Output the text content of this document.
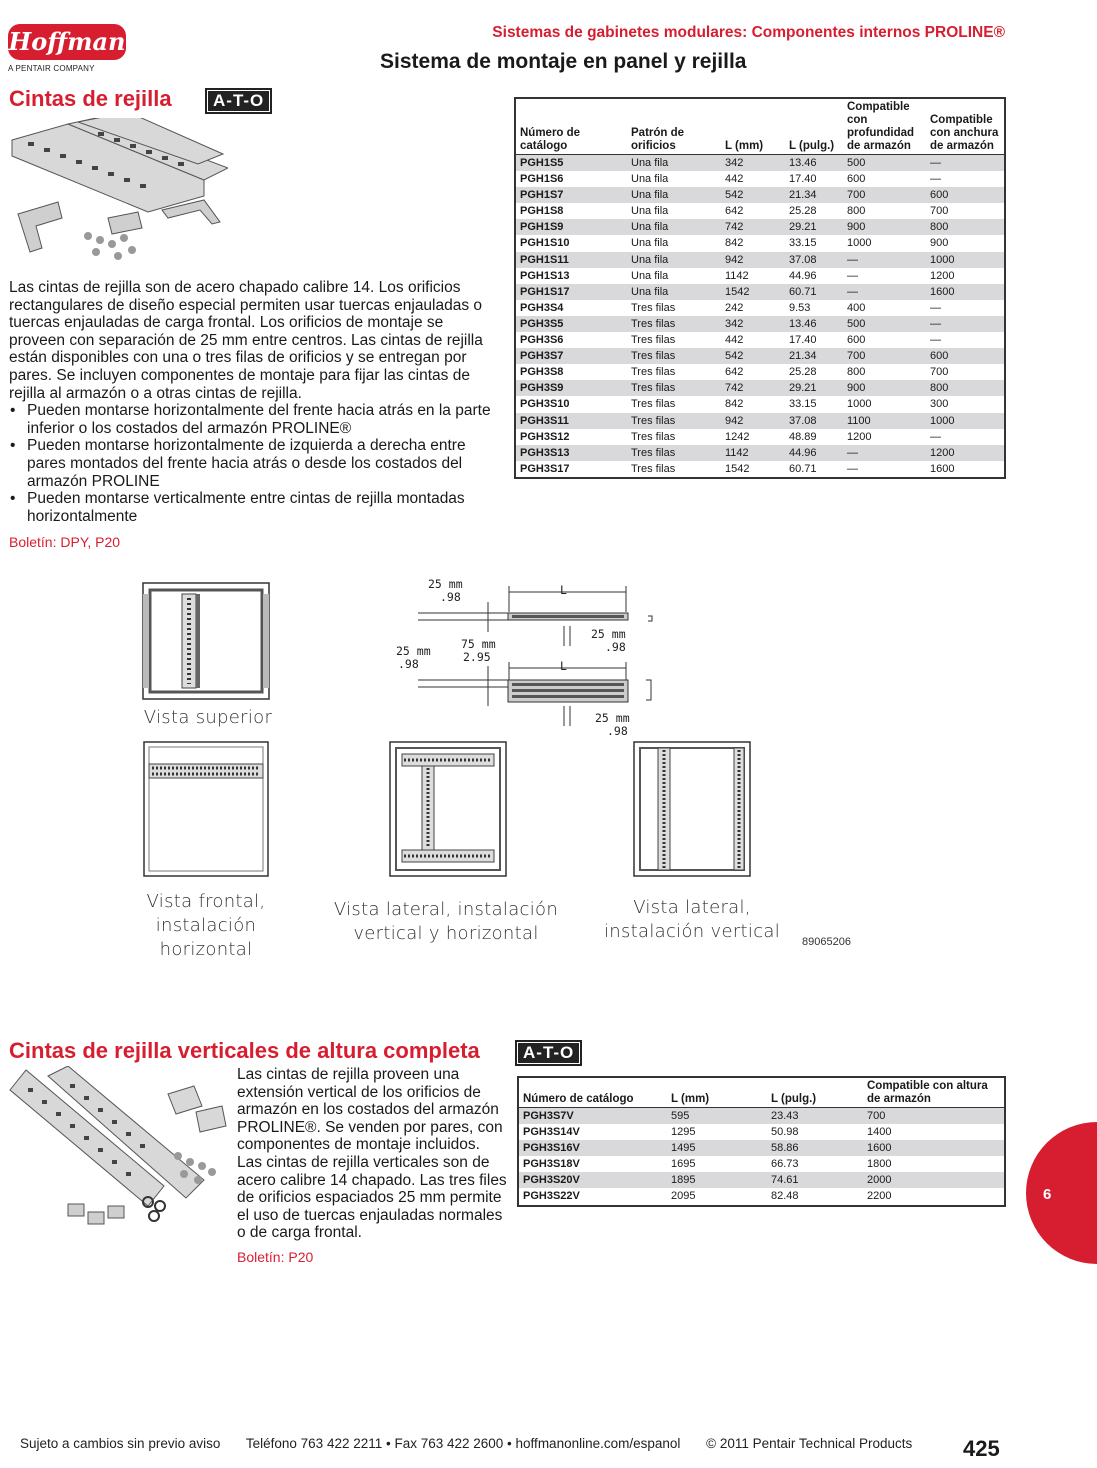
Hoffman
A PENTAIR COMPANY
Sistemas de gabinetes modulares: Componentes internos PROLINE®
Sistema de montaje en panel y rejilla
Cintas de rejilla	A-T-O

Las cintas de rejilla son de acero chapado calibre 14. Los orificios rectangulares de diseño especial permiten usar tuercas enjauladas o tuercas enjauladas de carga frontal. Los orificios de montaje se proveen con separación de 25 mm entre centros. Las cintas de rejilla están disponibles con una o tres filas de orificios y se entregan por pares. Se incluyen componentes de montaje para fijar las cintas de rejilla al armazón o a otras cintas de rejilla.

• Pueden montarse horizontalmente del frente hacia atrás en la parte inferior o los costados del armazón PROLINE®
• Pueden montarse horizontalmente de izquierda a derecha entre pares montados del frente hacia atrás o desde los costados del armazón PROLINE
• Pueden montarse verticalmente entre cintas de rejilla montadas horizontalmente
Boletín: DPY, P20
Número de catálogo	Patrón de orificios	L (mm)	L (pulg.)	Compatible con profundidad de armazón	Compatible con anchura de armazón
PGH1S5	Una fila	342	13.46	500	—
PGH1S6	Una fila	442	17.40	600	—
PGH1S7	Una fila	542	21.34	700	600
PGH1S8	Una fila	642	25.28	800	700
PGH1S9	Una fila	742	29.21	900	800
PGH1S10	Una fila	842	33.15	1000	900
PGH1S11	Una fila	942	37.08	—	1000
PGH1S13	Una fila	1142	44.96	—	1200
PGH1S17	Una fila	1542	60.71	—	1600
PGH3S4	Tres filas	242	9.53	400	—
PGH3S5	Tres filas	342	13.46	500	—
PGH3S6	Tres filas	442	17.40	600	—
PGH3S7	Tres filas	542	21.34	700	600
PGH3S8	Tres filas	642	25.28	800	700
PGH3S9	Tres filas	742	29.21	900	800
PGH3S10	Tres filas	842	33.15	1000	300
PGH3S11	Tres filas	942	37.08	1100	1000
PGH3S12	Tres filas	1242	48.89	1200	—
PGH3S13	Tres filas	1142	44.96	—	1200
PGH3S17	Tres filas	1542	60.71	—	1600
Vista superior
25 mm
.98	L
25 mm
.98
25 mm
.98
75 mm
2.95
L
25 mm
.98
Vista frontal,
instalación
horizontal
Vista lateral, instalación
vertical y horizontal
Vista lateral,
instalación vertical	89065206
Cintas de rejilla verticales de altura completa	A-T-O
Las cintas de rejilla proveen una extensión vertical de los orificios de armazón en los costados del armazón PROLINE®. Se venden por pares, con componentes de montaje incluidos. Las cintas de rejilla verticales son de acero calibre 14 chapado. Las tres files de orificios espaciados 25 mm permite el uso de tuercas enjauladas normales o de carga frontal.
Boletín: P20
Número de catálogo	L (mm)	L (pulg.)	Compatible con altura de armazón
PGH3S7V	595	23.43	700
PGH3S14V	1295	50.98	1400
PGH3S16V	1495	58.86	1600
PGH3S18V	1695	66.73	1800
PGH3S20V	1895	74.61	2000
PGH3S22V	2095	82.48	2200	6
Sujeto a cambios sin previo aviso Teléfono 763 422 2211 • Fax 763 422 2600 • hoffmanonline.com/espanol © 2011 Pentair Technical Products	425
